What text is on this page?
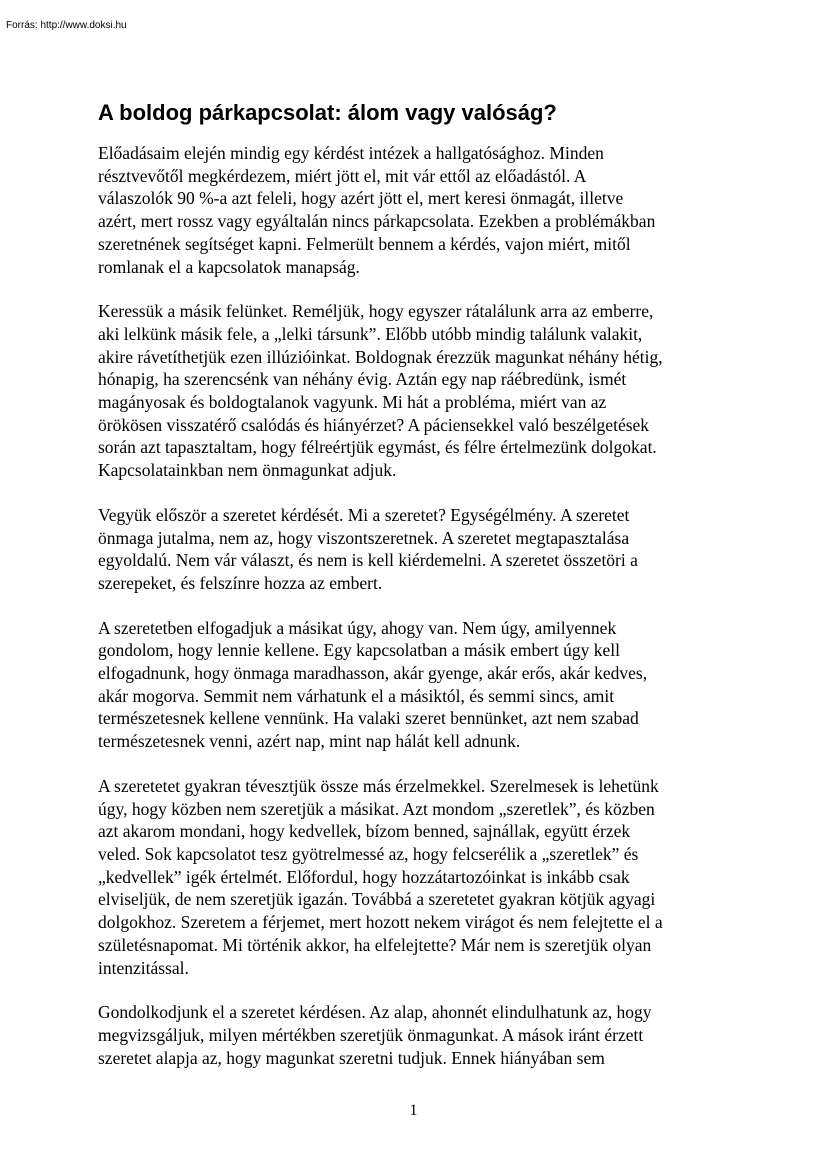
Forrás: http://www.doksi.hu
A boldog párkapcsolat: álom vagy valóság?

Előadásaim elején mindig egy kérdést intézek a hallgatósághoz. Minden
résztvevőtől megkérdezem, miért jött el, mit vár ettől az előadástól. A
válaszolók 90 %-a azt feleli, hogy azért jött el, mert keresi önmagát, illetve
azért, mert rossz vagy egyáltalán nincs párkapcsolata. Ezekben a problémákban
szeretnének segítséget kapni. Felmerült bennem a kérdés, vajon miért, mitől
romlanak el a kapcsolatok manapság.

Keressük a másik felünket. Reméljük, hogy egyszer rátalálunk arra az emberre,
aki lelkünk másik fele, a „lelki társunk”. Előbb utóbb mindig találunk valakit,
akire rávetíthetjük ezen illúzióinkat. Boldognak érezzük magunkat néhány hétig,
hónapig, ha szerencsénk van néhány évig. Aztán egy nap ráébredünk, ismét
magányosak és boldogtalanok vagyunk. Mi hát a probléma, miért van az
örökösen visszatérő csalódás és hiányérzet? A páciensekkel való beszélgetések
során azt tapasztaltam, hogy félreértjük egymást, és félre értelmezünk dolgokat.
Kapcsolatainkban nem önmagunkat adjuk.

Vegyük először a szeretet kérdését. Mi a szeretet? Egységélmény. A szeretet
önmaga jutalma, nem az, hogy viszontszeretnek. A szeretet megtapasztalása
egyoldalú. Nem vár választ, és nem is kell kiérdemelni. A szeretet összetöri a
szerepeket, és felszínre hozza az embert.

A szeretetben elfogadjuk a másikat úgy, ahogy van. Nem úgy, amilyennek
gondolom, hogy lennie kellene. Egy kapcsolatban a másik embert úgy kell
elfogadnunk, hogy önmaga maradhasson, akár gyenge, akár erős, akár kedves,
akár mogorva. Semmit nem várhatunk el a másiktól, és semmi sincs, amit
természetesnek kellene vennünk. Ha valaki szeret bennünket, azt nem szabad
természetesnek venni, azért nap, mint nap hálát kell adnunk.

A szeretetet gyakran tévesztjük össze más érzelmekkel. Szerelmesek is lehetünk
úgy, hogy közben nem szeretjük a másikat. Azt mondom „szeretlek”, és közben
azt akarom mondani, hogy kedvellek, bízom benned, sajnállak, együtt érzek
veled. Sok kapcsolatot tesz gyötrelmessé az, hogy felcserélik a „szeretlek” és
„kedvellek” igék értelmét. Előfordul, hogy hozzátartozóinkat is inkább csak
elviseljük, de nem szeretjük igazán. Továbbá a szeretetet gyakran kötjük agyagi
dolgokhoz. Szeretem a férjemet, mert hozott nekem virágot és nem felejtette el a
születésnapomat. Mi történik akkor, ha elfelejtette? Már nem is szeretjük olyan
intenzitással.

Gondolkodjunk el a szeretet kérdésen. Az alap, ahonnét elindulhatunk az, hogy
megvizsgáljuk, milyen mértékben szeretjük önmagunkat. A mások iránt érzett
szeretet alapja az, hogy magunkat szeretni tudjuk. Ennek hiányában sem

1
